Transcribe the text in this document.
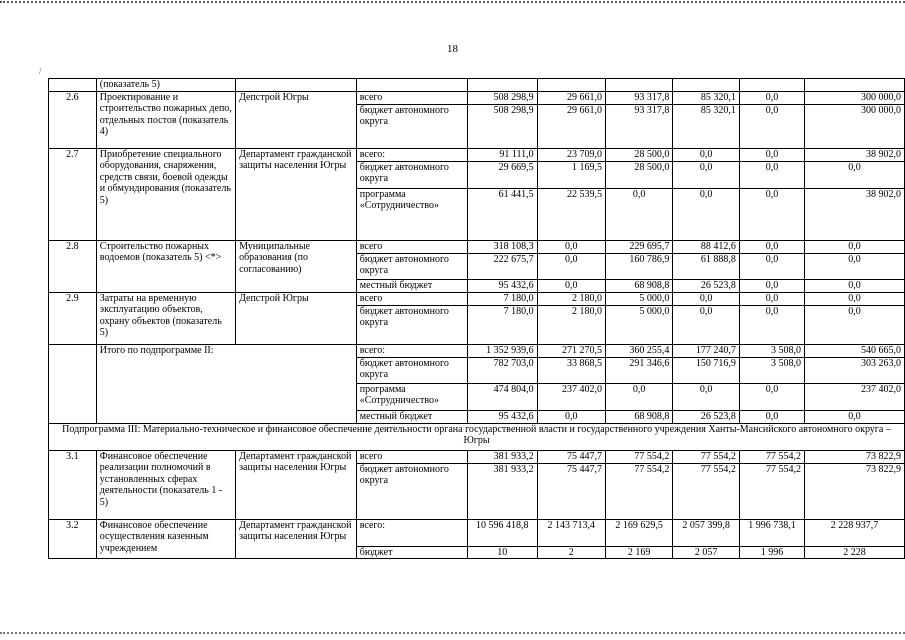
18
/
	(показатель 5)								
2.6	Проектирование и строительство пожарных депо, отдельных постов (показатель 4)	Депстрой Югры	всего	508 298,9	29 661,0	93 317,8	85 320,1	0,0	300 000,0
			бюджет автономного округа	508 298,9	29 661,0	93 317,8	85 320,1	0,0	300 000,0
2.7	Приобретение специального оборудования, снаряжения, средств связи, боевой одежды и обмундирования (показатель 5)	Департамент гражданской защиты населения Югры	всего:	91 111,0	23 709,0	28 500,0	0,0	0,0	38 902,0
			бюджет автономного округа	29 669,5	1 169,5	28 500,0	0,0	0,0	0,0
			программа «Сотрудничество»	61 441,5	22 539,5	0,0	0,0	0,0	38 902,0
2.8	Строительство пожарных водоемов (показатель 5) <*>	Муниципальные образования (по согласованию)	всего	318 108,3	0,0	229 695,7	88 412,6	0,0	0,0
			бюджет автономного округа	222 675,7	0,0	160 786,9	61 888,8	0,0	0,0
			местный бюджет	95 432,6	0,0	68 908,8	26 523,8	0,0	0,0
2.9	Затраты на временную эксплуатацию объектов, охрану объектов (показатель 5)	Депстрой Югры	всего	7 180,0	2 180,0	5 000,0	0,0	0,0	0,0
			бюджет автономного округа	7 180,0	2 180,0	5 000,0	0,0	0,0	0,0
	Итого по подпрограмме II:		всего:	1 352 939,6	271 270,5	360 255,4	177 240,7	3 508,0	540 665,0
			бюджет автономного округа	782 703,0	33 868,5	291 346,6	150 716,9	3 508,0	303 263,0
			программа «Сотрудничество»	474 804,0	237 402,0	0,0	0,0	0,0	237 402,0
			местный бюджет	95 432,6	0,0	68 908,8	26 523,8	0,0	0,0
Подпрограмма III: Материально-техническое и финансовое обеспечение деятельности органа государственной власти и государственного учреждения Ханты-Мансийского автономного округа – Югры									
3.1	Финансовое обеспечение реализации полномочий в установленных сферах деятельности (показатель 1 - 5)	Департамент гражданской защиты населения Югры	всего	381 933,2	75 447,7	77 554,2	77 554,2	77 554,2	73 822,9
			бюджет автономного округа	381 933,2	75 447,7	77 554,2	77 554,2	77 554,2	73 822,9
3.2	Финансовое обеспечение осуществления казенным учреждением	Департамент гражданской защиты населения Югры	всего:	10 596 418,8	2 143 713,4	2 169 629,5	2 057 399,8	1 996 738,1	2 228 937,7
			бюджет	10	2	2 169	2 057	1 996	2 228
